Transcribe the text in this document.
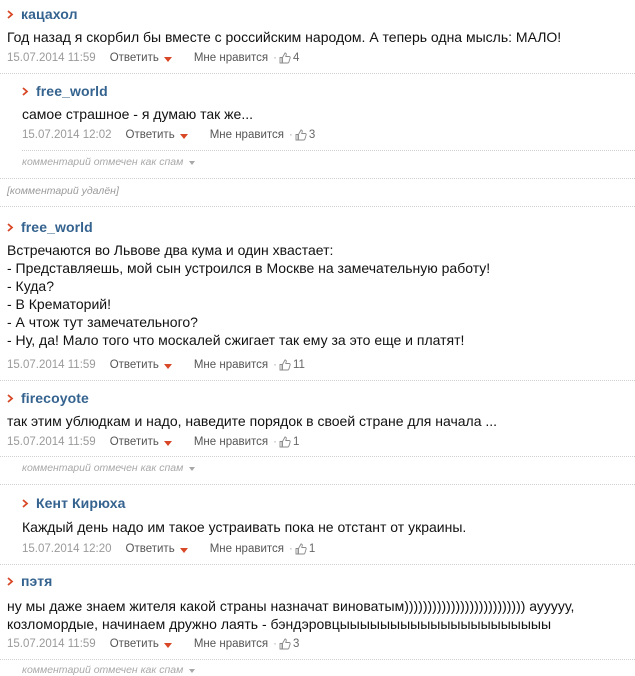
кацахол
Год назад я скорбил бы вместе с российским народом. А теперь одна мысль: МАЛО!
15.07.2014 11:59 Ответить	Мне нравится · 4
free_world
самое страшное - я думаю так же...
15.07.2014 12:02 Ответить	Мне нравится · 3
комментарий отмечен как спам
[комментарий удалён]
free_world
Встречаются во Львове два кума и один хвастает:
- Представляешь, мой сын устроился в Москве на замечательную работу!
- Куда?
- В Крематорий!
- А чтож тут замечательного?
- Ну, да! Мало того что москалей сжигает так ему за это еще и платят!
15.07.2014 11:59 Ответить	Мне нравится · 11
firecoyote
так этим ублюдкам и надо, наведите порядок в своей стране для начала ...
15.07.2014 11:59 Ответить	Мне нравится · 1
комментарий отмечен как спам
Кент Кирюха
Каждый день надо им такое устраивать пока не отстант от украины.
15.07.2014 12:20 Ответить	Мне нравится · 1
пэтя
ну мы даже знаем жителя какой страны назначат виноватым)))))))))))))))))))))))))) аууууу,
козломордые, начинаем дружно лаять - бэндэровцыыыыыыыыыыыыыыыыыыыыы
15.07.2014 11:59 Ответить	Мне нравится · 3
комментарий отмечен как спам
